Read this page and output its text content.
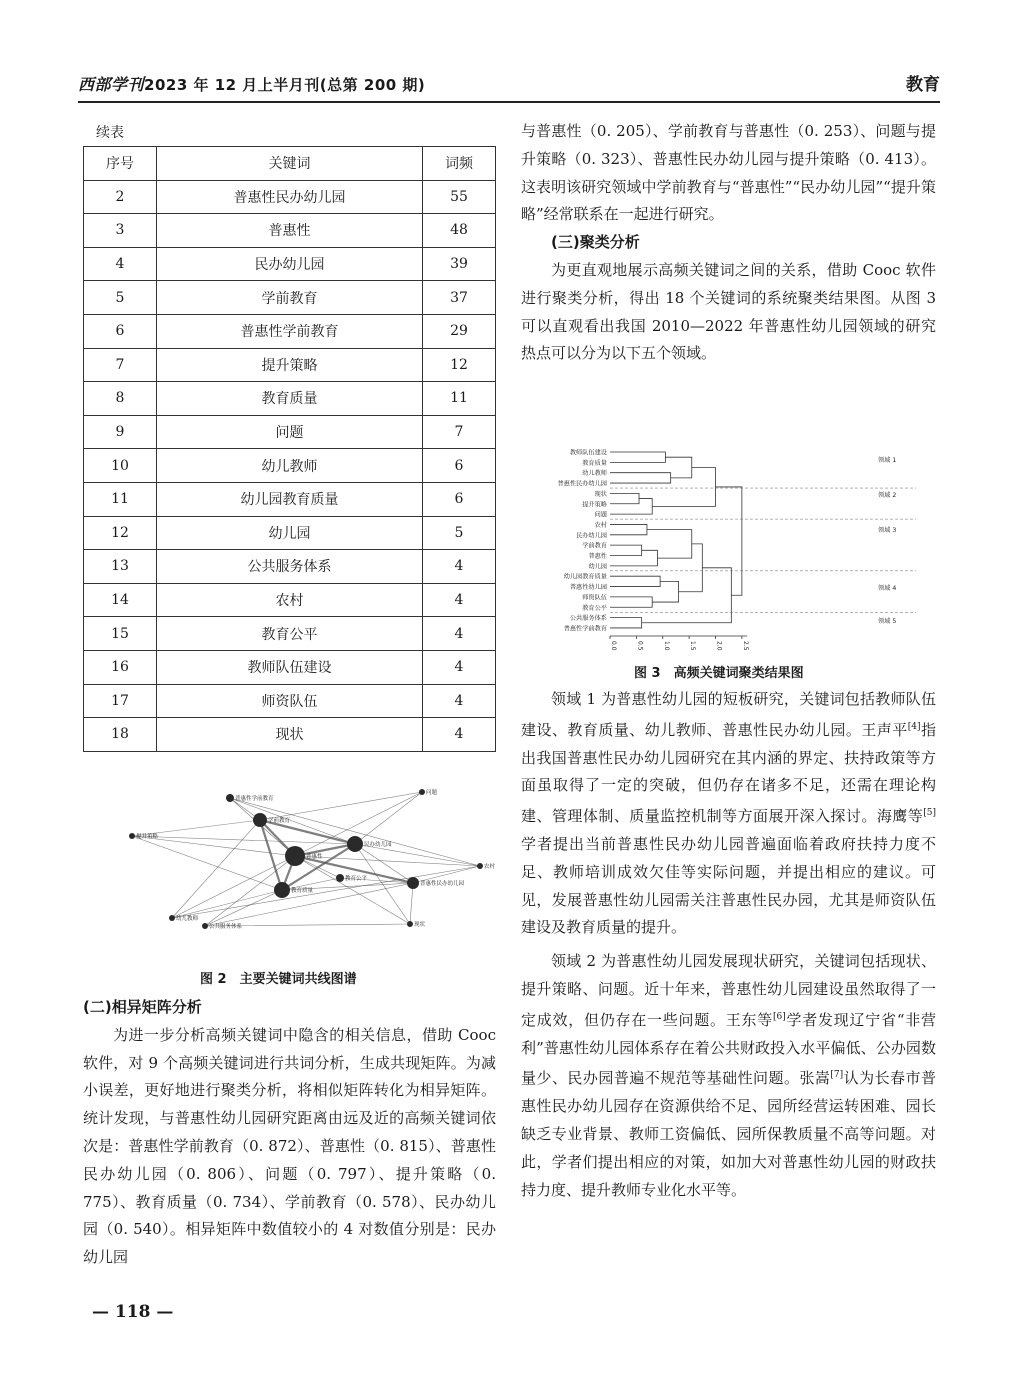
西部学刊2023 年 12 月上半月刊(总第 200 期)	教育
续表
序号	关键词	词频
2	普惠性民办幼儿园	55
3	普惠性	48
4	民办幼儿园	39
5	学前教育	37
6	普惠性学前教育	29
7	提升策略	12
8	教育质量	11
9	问题	7
10	幼儿教师	6
11	幼儿园教育质量	6
12	幼儿园	5
13	公共服务体系	4
14	农村	4
15	教育公平	4
16	教师队伍建设	4
17	师资队伍	4
18	现状	4
学前教育
民办幼儿园
普惠性
普惠性学前教育
普惠性民办幼儿园
教育质量
公共服务体系
教育公平
幼儿教师
提升策略
问题
农村
现状
图 2　主要关键词共线图谱
(二)相异矩阵分析

为进一步分析高频关键词中隐含的相关信息，借助 Cooc 软件，对 9 个高频关键词进行共词分析，生成共现矩阵。为减小误差，更好地进行聚类分析，将相似矩阵转化为相异矩阵。统计发现，与普惠性幼儿园研究距离由远及近的高频关键词依次是：普惠性学前教育（0. 872）、普惠性（0. 815）、普惠性民办幼儿园（0. 806）、问题（0. 797）、提升策略（0. 775）、教育质量（0. 734）、学前教育（0. 578）、民办幼儿园（0. 540）。相异矩阵中数值较小的 4 对数值分别是：民办幼儿园

与普惠性（0. 205）、学前教育与普惠性（0. 253）、问题与提升策略（0. 323）、普惠性民办幼儿园与提升策略（0. 413）。这表明该研究领域中学前教育与“普惠性”“民办幼儿园”“提升策略”经常联系在一起进行研究。

(三)聚类分析

为更直观地展示高频关键词之间的关系，借助 Cooc 软件进行聚类分析，得出 18 个关键词的系统聚类结果图。从图 3 可以直观看出我国 2010—2022 年普惠性幼儿园领域的研究热点可以分为以下五个领域。

教师队伍建设
教育质量
幼儿教师
普惠性民办幼儿园
现状
提升策略
问题
农村
民办幼儿园
学前教育
普惠性
幼儿园
幼儿园教育质量
普惠性幼儿园
师资队伍
教育公平
公共服务体系
普惠性学前教育
领域 1
领域 2
领域 3
领域 4
领域 5
0.0	0.5	1.0	1.5	2.0	2.5
图 3　高频关键词聚类结果图

领域 1 为普惠性幼儿园的短板研究，关键词包括教师队伍建设、教育质量、幼儿教师、普惠性民办幼儿园。王声平[4]指出我国普惠性民办幼儿园研究在其内涵的界定、扶持政策等方面虽取得了一定的突破，但仍存在诸多不足，还需在理论构建、管理体制、质量监控机制等方面展开深入探讨。海鹰等[5]学者提出当前普惠性民办幼儿园普遍面临着政府扶持力度不足、教师培训成效欠佳等实际问题，并提出相应的建议。可见，发展普惠性幼儿园需关注普惠性民办园，尤其是师资队伍建设及教育质量的提升。

领域 2 为普惠性幼儿园发展现状研究，关键词包括现状、提升策略、问题。近十年来，普惠性幼儿园建设虽然取得了一定成效，但仍存在一些问题。王东等[6]学者发现辽宁省“非营利”普惠性幼儿园体系存在着公共财政投入水平偏低、公办园数量少、民办园普遍不规范等基础性问题。张嵩[7]认为长春市普惠性民办幼儿园存在资源供给不足、园所经营运转困难、园长缺乏专业背景、教师工资偏低、园所保教质量不高等问题。对此，学者们提出相应的对策，如加大对普惠性幼儿园的财政扶持力度、提升教师专业化水平等。

— 118 —
